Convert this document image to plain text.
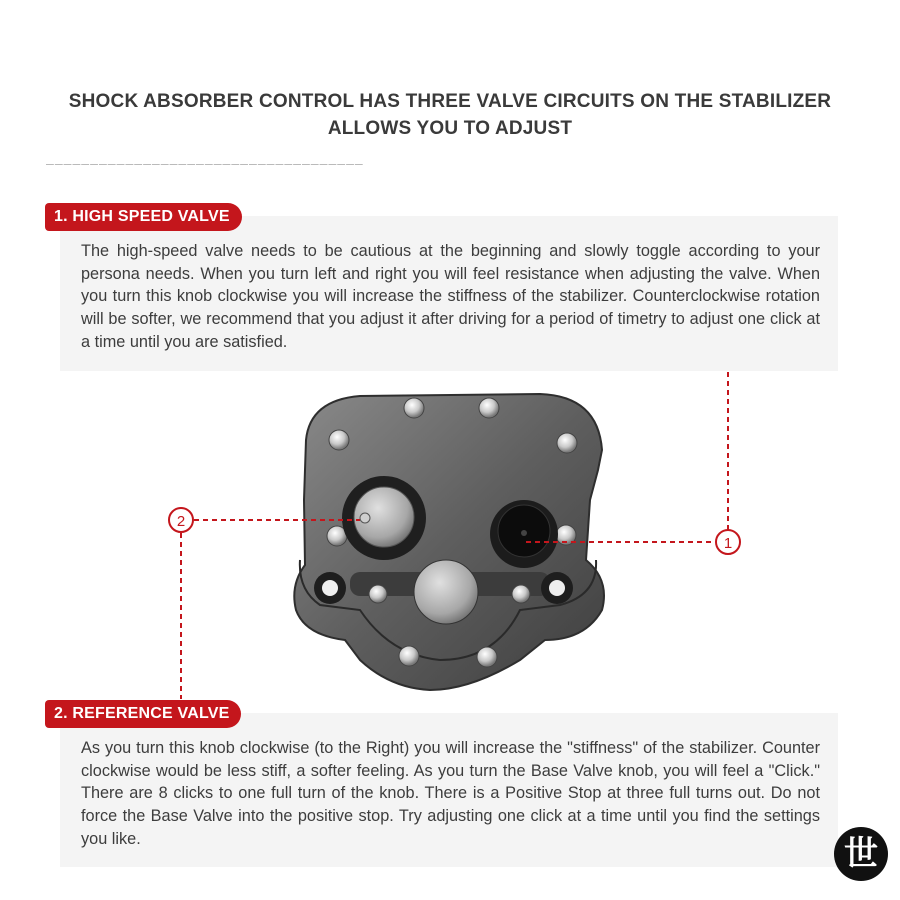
SHOCK ABSORBER CONTROL HAS THREE VALVE CIRCUITS ON THE STABILIZER
ALLOWS YOU TO ADJUST
————————————————————————————————————

The high-speed valve needs to be cautious at the beginning and slowly toggle according to your persona needs. When you turn left and right you will feel resistance when adjusting the valve. When you turn this knob clockwise you will increase the stiffness of the stabilizer. Counterclockwise rotation will be softer, we recommend that you adjust it after driving for a period of timetry to adjust one click at a time until you are satisfied.

1. HIGH SPEED VALVE
1
2

As you turn this knob clockwise (to the Right) you will increase the "stiffness" of the stabilizer. Counter clockwise would be less stiff, a softer feeling. As you turn the Base Valve knob, you will feel a "Click." There are 8 clicks to one full turn of the knob. There is a Positive Stop at three full turns out. Do not force the Base Valve into the positive stop. Try adjusting one click at a time until you find the settings you like.

2. REFERENCE VALVE
世
